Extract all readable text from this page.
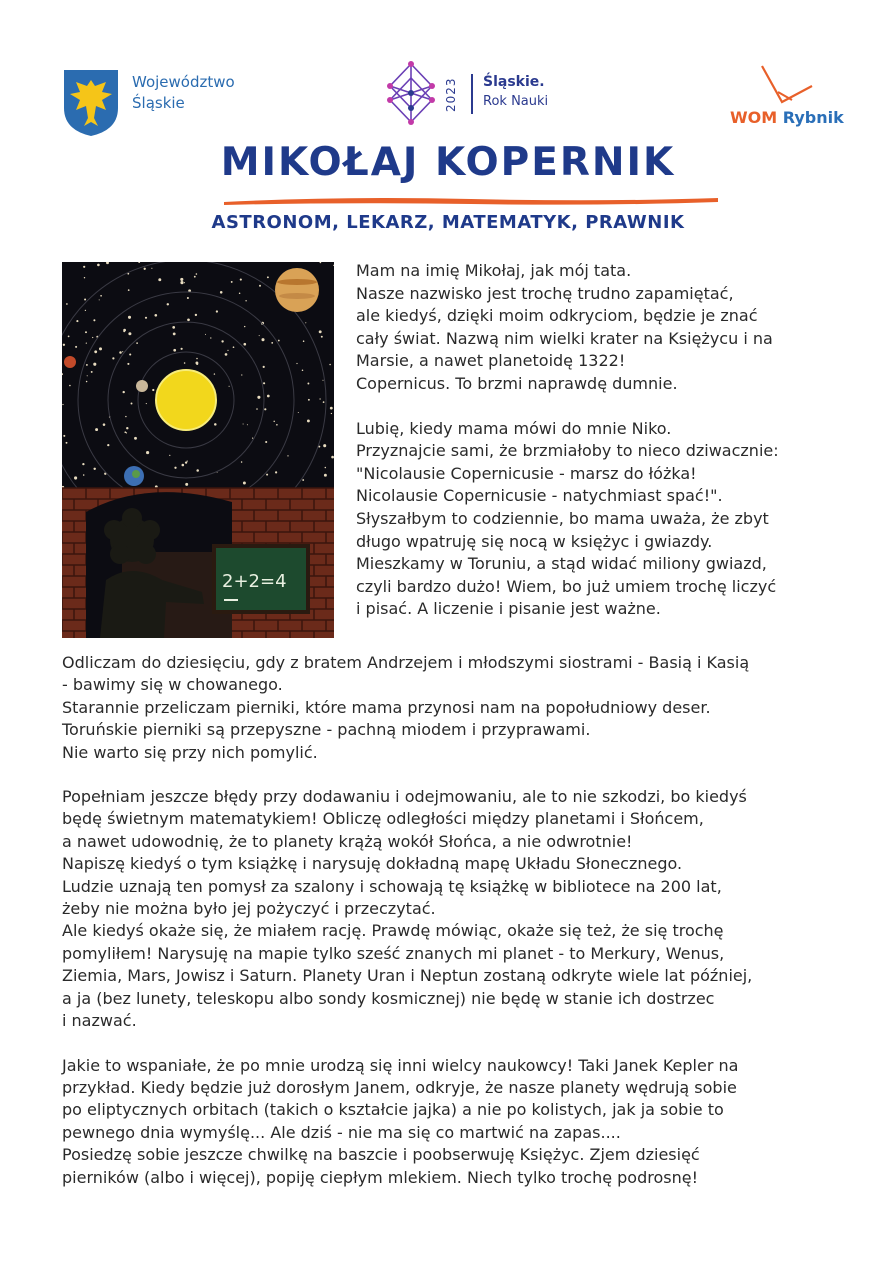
Województwo
Śląskie	2023 Śląskie.
Rok Nauki
WOM Rybnik
MIKOŁAJ KOPERNIK
ASTRONOM, LEKARZ, MATEMATYK, PRAWNIK
2+2=4

Mam na imię Mikołaj, jak mój tata.
Nasze nazwisko jest trochę trudno zapamiętać,
ale kiedyś, dzięki moim odkryciom, będzie je znać
cały świat. Nazwą nim wielki krater na Księżycu i na
Marsie, a nawet planetoidę 1322!
Copernicus. To brzmi naprawdę dumnie.

Lubię, kiedy mama mówi do mnie Niko.
Przyznajcie sami, że brzmiałoby to nieco dziwacznie:
"Nicolausie Copernicusie - marsz do łóżka!
Nicolausie Copernicusie - natychmiast spać!".
Słyszałbym to codziennie, bo mama uważa, że zbyt
długo wpatruję się nocą w księżyc i gwiazdy.
Mieszkamy w Toruniu, a stąd widać miliony gwiazd,
czyli bardzo dużo! Wiem, bo już umiem trochę liczyć
i pisać. A liczenie i pisanie jest ważne.

Odliczam do dziesięciu, gdy z bratem Andrzejem i młodszymi siostrami - Basią i Kasią
- bawimy się w chowanego.
Starannie przeliczam pierniki, które mama przynosi nam na popołudniowy deser.
Toruńskie pierniki są przepyszne - pachną miodem i przyprawami.
Nie warto się przy nich pomylić.

Popełniam jeszcze błędy przy dodawaniu i odejmowaniu, ale to nie szkodzi, bo kiedyś
będę świetnym matematykiem! Obliczę odległości między planetami i Słońcem,
a nawet udowodnię, że to planety krążą wokół Słońca, a nie odwrotnie!
Napiszę kiedyś o tym książkę i narysuję dokładną mapę Układu Słonecznego.
Ludzie uznają ten pomysł za szalony i schowają tę książkę w bibliotece na 200 lat,
żeby nie można było jej pożyczyć i przeczytać.
Ale kiedyś okaże się, że miałem rację. Prawdę mówiąc, okaże się też, że się trochę
pomyliłem! Narysuję na mapie tylko sześć znanych mi planet - to Merkury, Wenus,
Ziemia, Mars, Jowisz i Saturn. Planety Uran i Neptun zostaną odkryte wiele lat później,
a ja (bez lunety, teleskopu albo sondy kosmicznej) nie będę w stanie ich dostrzec
i nazwać.

Jakie to wspaniałe, że po mnie urodzą się inni wielcy naukowcy! Taki Janek Kepler na
przykład. Kiedy będzie już dorosłym Janem, odkryje, że nasze planety wędrują sobie
po eliptycznych orbitach (takich o kształcie jajka) a nie po kolistych, jak ja sobie to
pewnego dnia wymyślę... Ale dziś - nie ma się co martwić na zapas....
Posiedzę sobie jeszcze chwilkę na baszcie i poobserwuję Księżyc. Zjem dziesięć
pierników (albo i więcej), popiję ciepłym mlekiem. Niech tylko trochę podrosnę!
